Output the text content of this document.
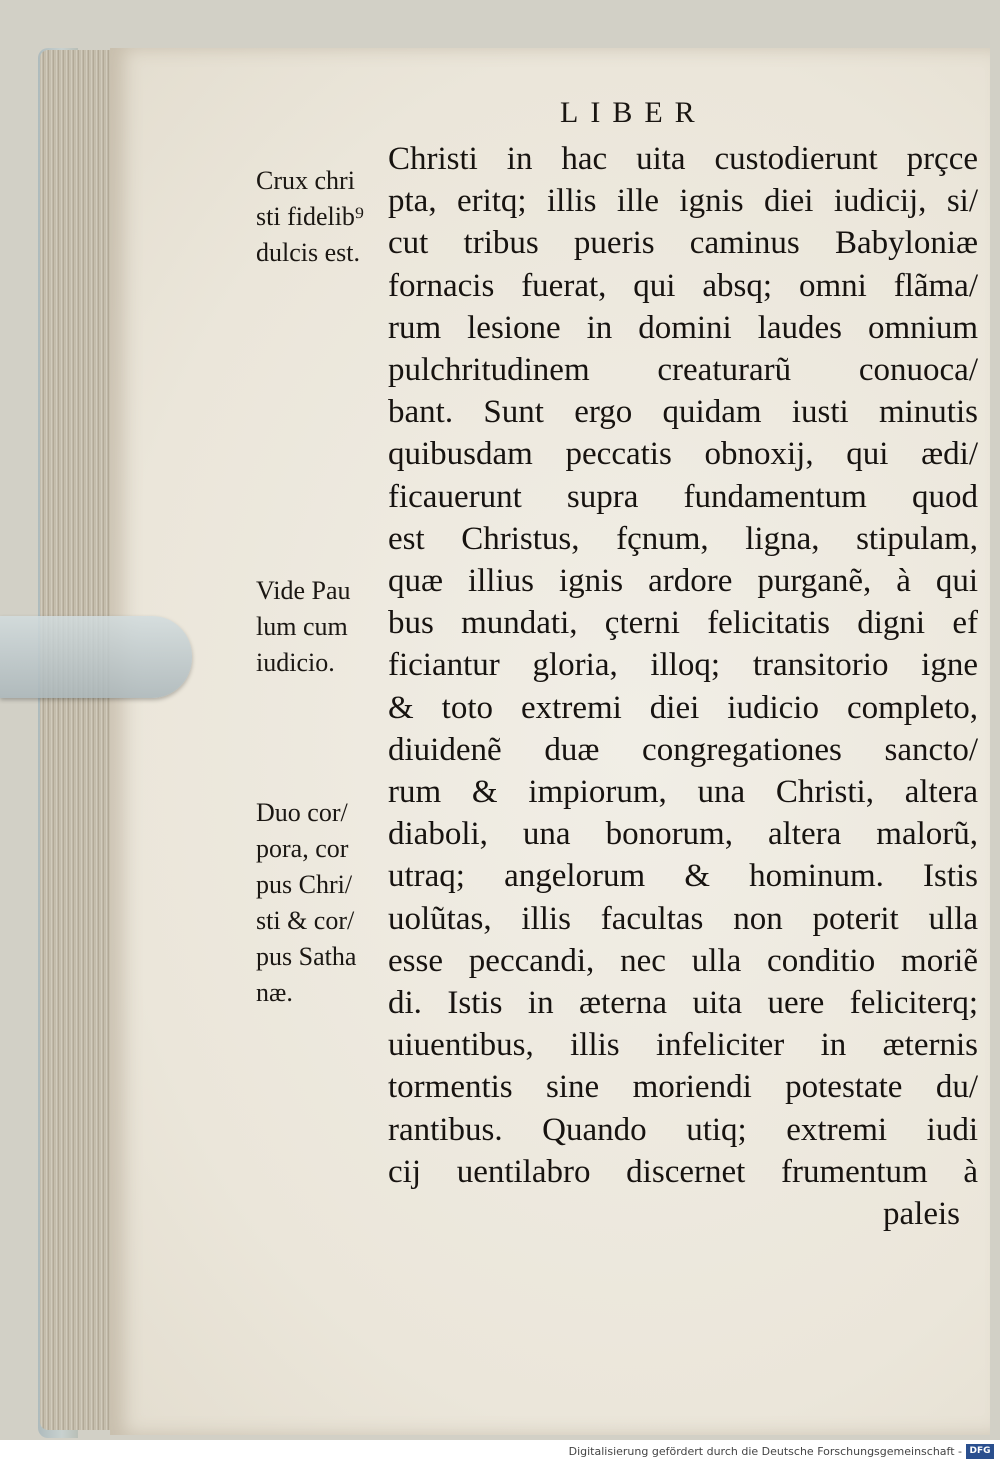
LIBER
Christi in hac uita custodierunt prçce
pta, eritq; illis ille ignis diei iudicij, si/
cut tribus pueris caminus Babyloniæ
fornacis fuerat, qui absq; omni flãma/
rum lesione in domini laudes omnium
pulchritudinem creaturarũ conuoca/
bant. Sunt ergo quidam iusti minutis
quibusdam peccatis obnoxij, qui ædi/
ficauerunt supra fundamentum quod
est Christus, fçnum, ligna, stipulam,
quæ illius ignis ardore purganẽ, à qui
bus mundati, çterni felicitatis digni ef
ficiantur gloria, illoq; transitorio igne
& toto extremi diei iudicio completo,
diuidenẽ duæ congregationes sancto/
rum & impiorum, una Christi, altera
diaboli, una bonorum, altera malorũ,
utraq; angelorum & hominum. Istis
uolũtas, illis facultas non poterit ulla
esse peccandi, nec ulla conditio moriẽ
di. Istis in æterna uita uere feliciterq;
uiuentibus, illis infeliciter in æternis
tormentis sine moriendi potestate du/
rantibus. Quando utiq; extremi iudi
cij uentilabro discernet frumentum à
paleis
Crux chri
sti fidelib⁹
dulcis est.
Vide Pau
lum cum
iudicio.
Duo cor/
pora, cor
pus Chri/
sti & cor/
pus Satha
næ.
Digitalisierung gefördert durch die Deutsche Forschungsgemeinschaft - DFG
